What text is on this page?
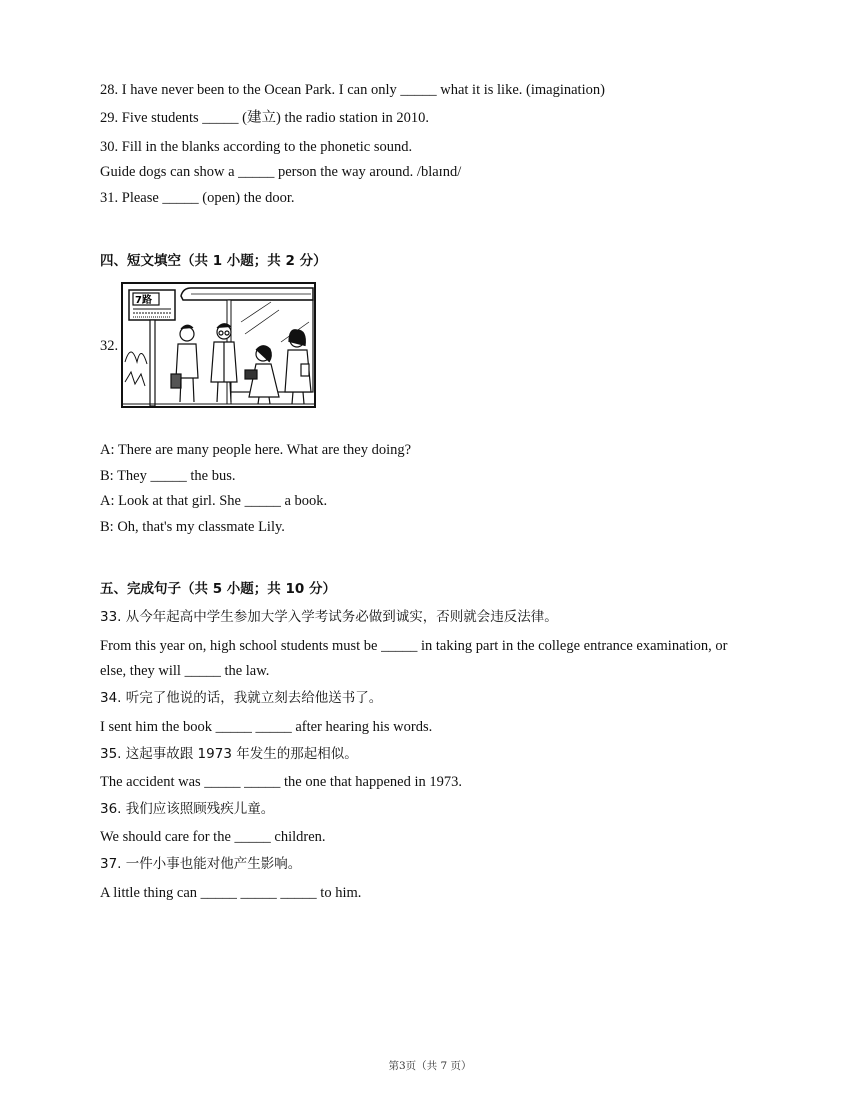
28. I have never been to the Ocean Park. I can only _____ what it is like. (imagination)
29. Five students _____ (建立) the radio station in 2010.
30. Fill in the blanks according to the phonetic sound.
Guide dogs can show a _____ person the way around. /blaɪnd/
31. Please _____ (open) the door.
四、短文填空（共 1 小题；共 2 分）
32.
7路
A: There are many people here. What are they doing?
B: They _____ the bus.
A: Look at that girl. She _____ a book.
B: Oh, that's my classmate Lily.
五、完成句子（共 5 小题；共 10 分）
33. 从今年起高中学生参加大学入学考试务必做到诚实，否则就会违反法律。
From this year on, high school students must be _____ in taking part in the college entrance examination, or
else, they will _____ the law.
34. 听完了他说的话，我就立刻去给他送书了。
I sent him the book _____ _____ after hearing his words.
35. 这起事故跟 1973 年发生的那起相似。
The accident was _____ _____ the one that happened in 1973.
36. 我们应该照顾残疾儿童。
We should care for the _____ children.
37. 一件小事也能对他产生影响。
A little thing can _____ _____ _____ to him.
第3页（共 7 页）
